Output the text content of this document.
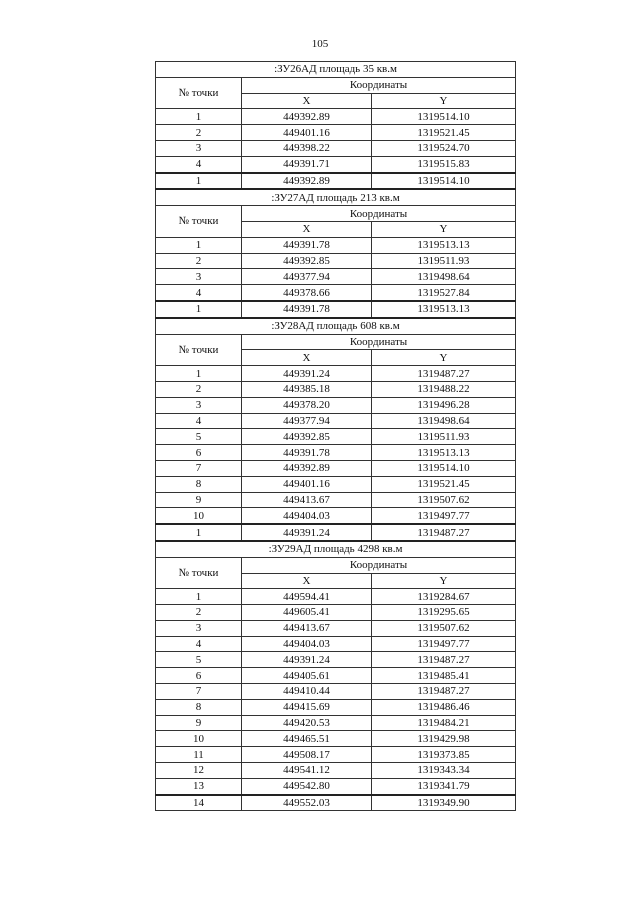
105
:ЗУ26АД площадь 35 кв.м		
№ точки	Координаты	
	X	Y
1	449392.89	1319514.10
2	449401.16	1319521.45
3	449398.22	1319524.70
4	449391.71	1319515.83
1	449392.89	1319514.10
:ЗУ27АД площадь 213 кв.м		
№ точки	Координаты	
	X	Y
1	449391.78	1319513.13
2	449392.85	1319511.93
3	449377.94	1319498.64
4	449378.66	1319527.84
1	449391.78	1319513.13
:ЗУ28АД площадь 608 кв.м		
№ точки	Координаты	
	X	Y
1	449391.24	1319487.27
2	449385.18	1319488.22
3	449378.20	1319496.28
4	449377.94	1319498.64
5	449392.85	1319511.93
6	449391.78	1319513.13
7	449392.89	1319514.10
8	449401.16	1319521.45
9	449413.67	1319507.62
10	449404.03	1319497.77
1	449391.24	1319487.27
:ЗУ29АД площадь 4298 кв.м		
№ точки	Координаты	
	X	Y
1	449594.41	1319284.67
2	449605.41	1319295.65
3	449413.67	1319507.62
4	449404.03	1319497.77
5	449391.24	1319487.27
6	449405.61	1319485.41
7	449410.44	1319487.27
8	449415.69	1319486.46
9	449420.53	1319484.21
10	449465.51	1319429.98
11	449508.17	1319373.85
12	449541.12	1319343.34
13	449542.80	1319341.79
14	449552.03	1319349.90
